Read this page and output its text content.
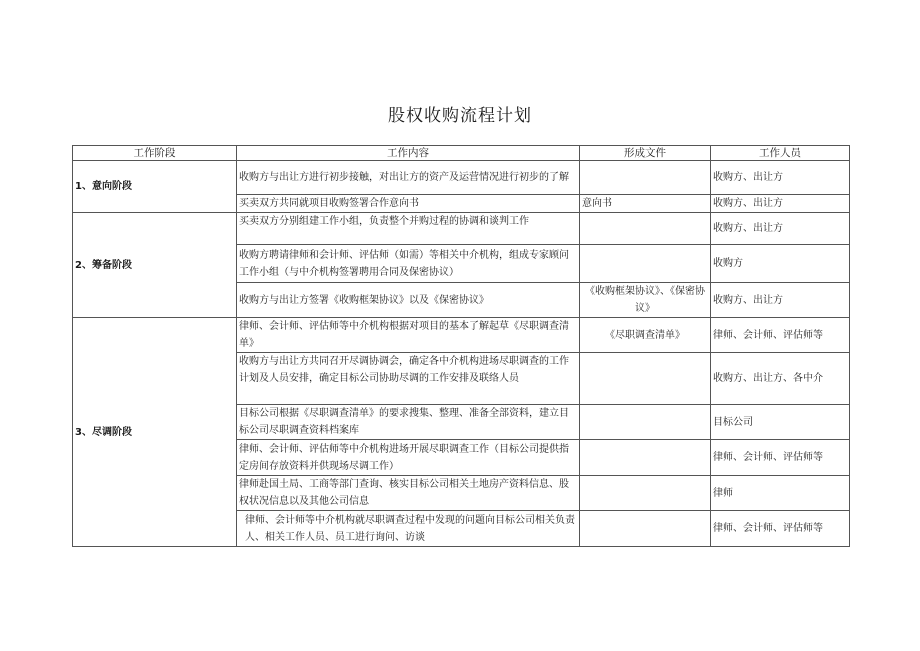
股权收购流程计划
工作阶段	工作内容	形成文件	工作人员
1、意向阶段	收购方与出让方进行初步接触，对出让方的资产及运营情况进行初步的了解		收购方、出让方
	买卖双方共同就项目收购签署合作意向书	意向书	收购方、出让方
2、筹备阶段	买卖双方分别组建工作小组，负责整个并购过程的协调和谈判工作		收购方、出让方
	收购方聘请律师和会计师、评估师（如需）等相关中介机构，组成专家顾问工作小组（与中介机构签署聘用合同及保密协议）		收购方
	收购方与出让方签署《收购框架协议》以及《保密协议》	《收购框架协议》、《保密协议》	收购方、出让方
3、尽调阶段	律师、会计师、评估师等中介机构根据对项目的基本了解起草《尽职调查清单》	《尽职调查清单》	律师、会计师、评估师等
	收购方与出让方共同召开尽调协调会，确定各中介机构进场尽职调查的工作计划及人员安排，确定目标公司协助尽调的工作安排及联络人员		收购方、出让方、各中介
	目标公司根据《尽职调查清单》的要求搜集、整理、准备全部资料，建立目标公司尽职调查资料档案库		目标公司
	律师、会计师、评估师等中介机构进场开展尽职调查工作（目标公司提供指定房间存放资料并供现场尽调工作）		律师、会计师、评估师等
	律师赴国土局、工商等部门查询、核实目标公司相关土地房产资料信息、股权状况信息以及其他公司信息		律师
	律师、会计师等中介机构就尽职调查过程中发现的问题向目标公司相关负责人、相关工作人员、员工进行询问、访谈		律师、会计师、评估师等
